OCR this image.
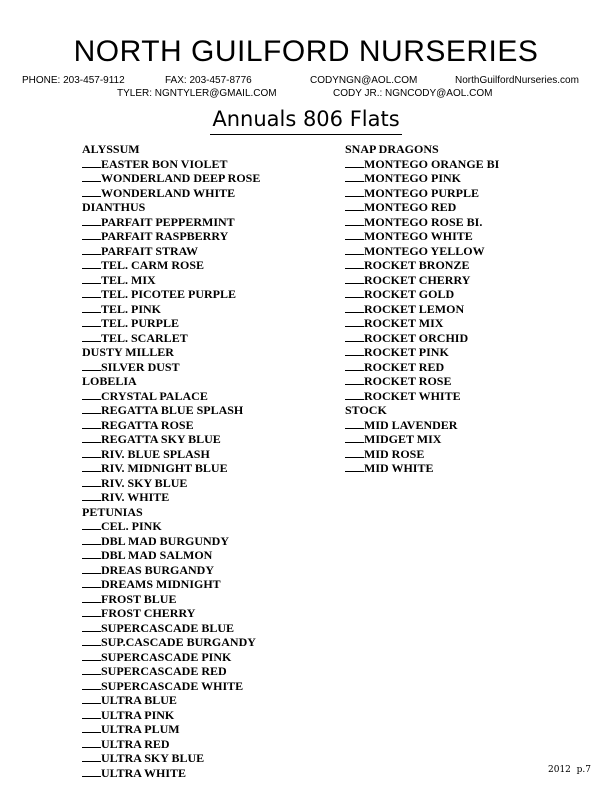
NORTH GUILFORD NURSERIES
PHONE: 203-457-9112	FAX: 203-457-8776	CODYNGN@AOL.COM	NorthGuilfordNurseries.com
TYLER: NGNTYLER@GMAIL.COM	CODY JR.: NGNCODY@AOL.COM
Annuals 806 Flats
ALYSSUM
EASTER BON VIOLET
WONDERLAND DEEP ROSE
WONDERLAND WHITE
DIANTHUS
PARFAIT PEPPERMINT
PARFAIT RASPBERRY
PARFAIT STRAW
TEL. CARM ROSE
TEL. MIX
TEL. PICOTEE PURPLE
TEL. PINK
TEL. PURPLE
TEL. SCARLET
DUSTY MILLER
SILVER DUST
LOBELIA
CRYSTAL PALACE
REGATTA BLUE SPLASH
REGATTA ROSE
REGATTA SKY BLUE
RIV. BLUE SPLASH
RIV. MIDNIGHT BLUE
RIV. SKY BLUE
RIV. WHITE
PETUNIAS
CEL. PINK
DBL MAD BURGUNDY
DBL MAD SALMON
DREAS BURGANDY
DREAMS MIDNIGHT
FROST BLUE
FROST CHERRY
SUPERCASCADE BLUE
SUP.CASCADE BURGANDY
SUPERCASCADE PINK
SUPERCASCADE RED
SUPERCASCADE WHITE
ULTRA BLUE
ULTRA PINK
ULTRA PLUM
ULTRA RED
ULTRA SKY BLUE
ULTRA WHITE
SNAP DRAGONS
MONTEGO ORANGE BI
MONTEGO PINK
MONTEGO PURPLE
MONTEGO RED
MONTEGO ROSE BI.
MONTEGO WHITE
MONTEGO YELLOW
ROCKET BRONZE
ROCKET CHERRY
ROCKET GOLD
ROCKET LEMON
ROCKET MIX
ROCKET ORCHID
ROCKET PINK
ROCKET RED
ROCKET ROSE
ROCKET WHITE
STOCK
MID LAVENDER
MIDGET MIX
MID ROSE
MID WHITE
2012 p.7
